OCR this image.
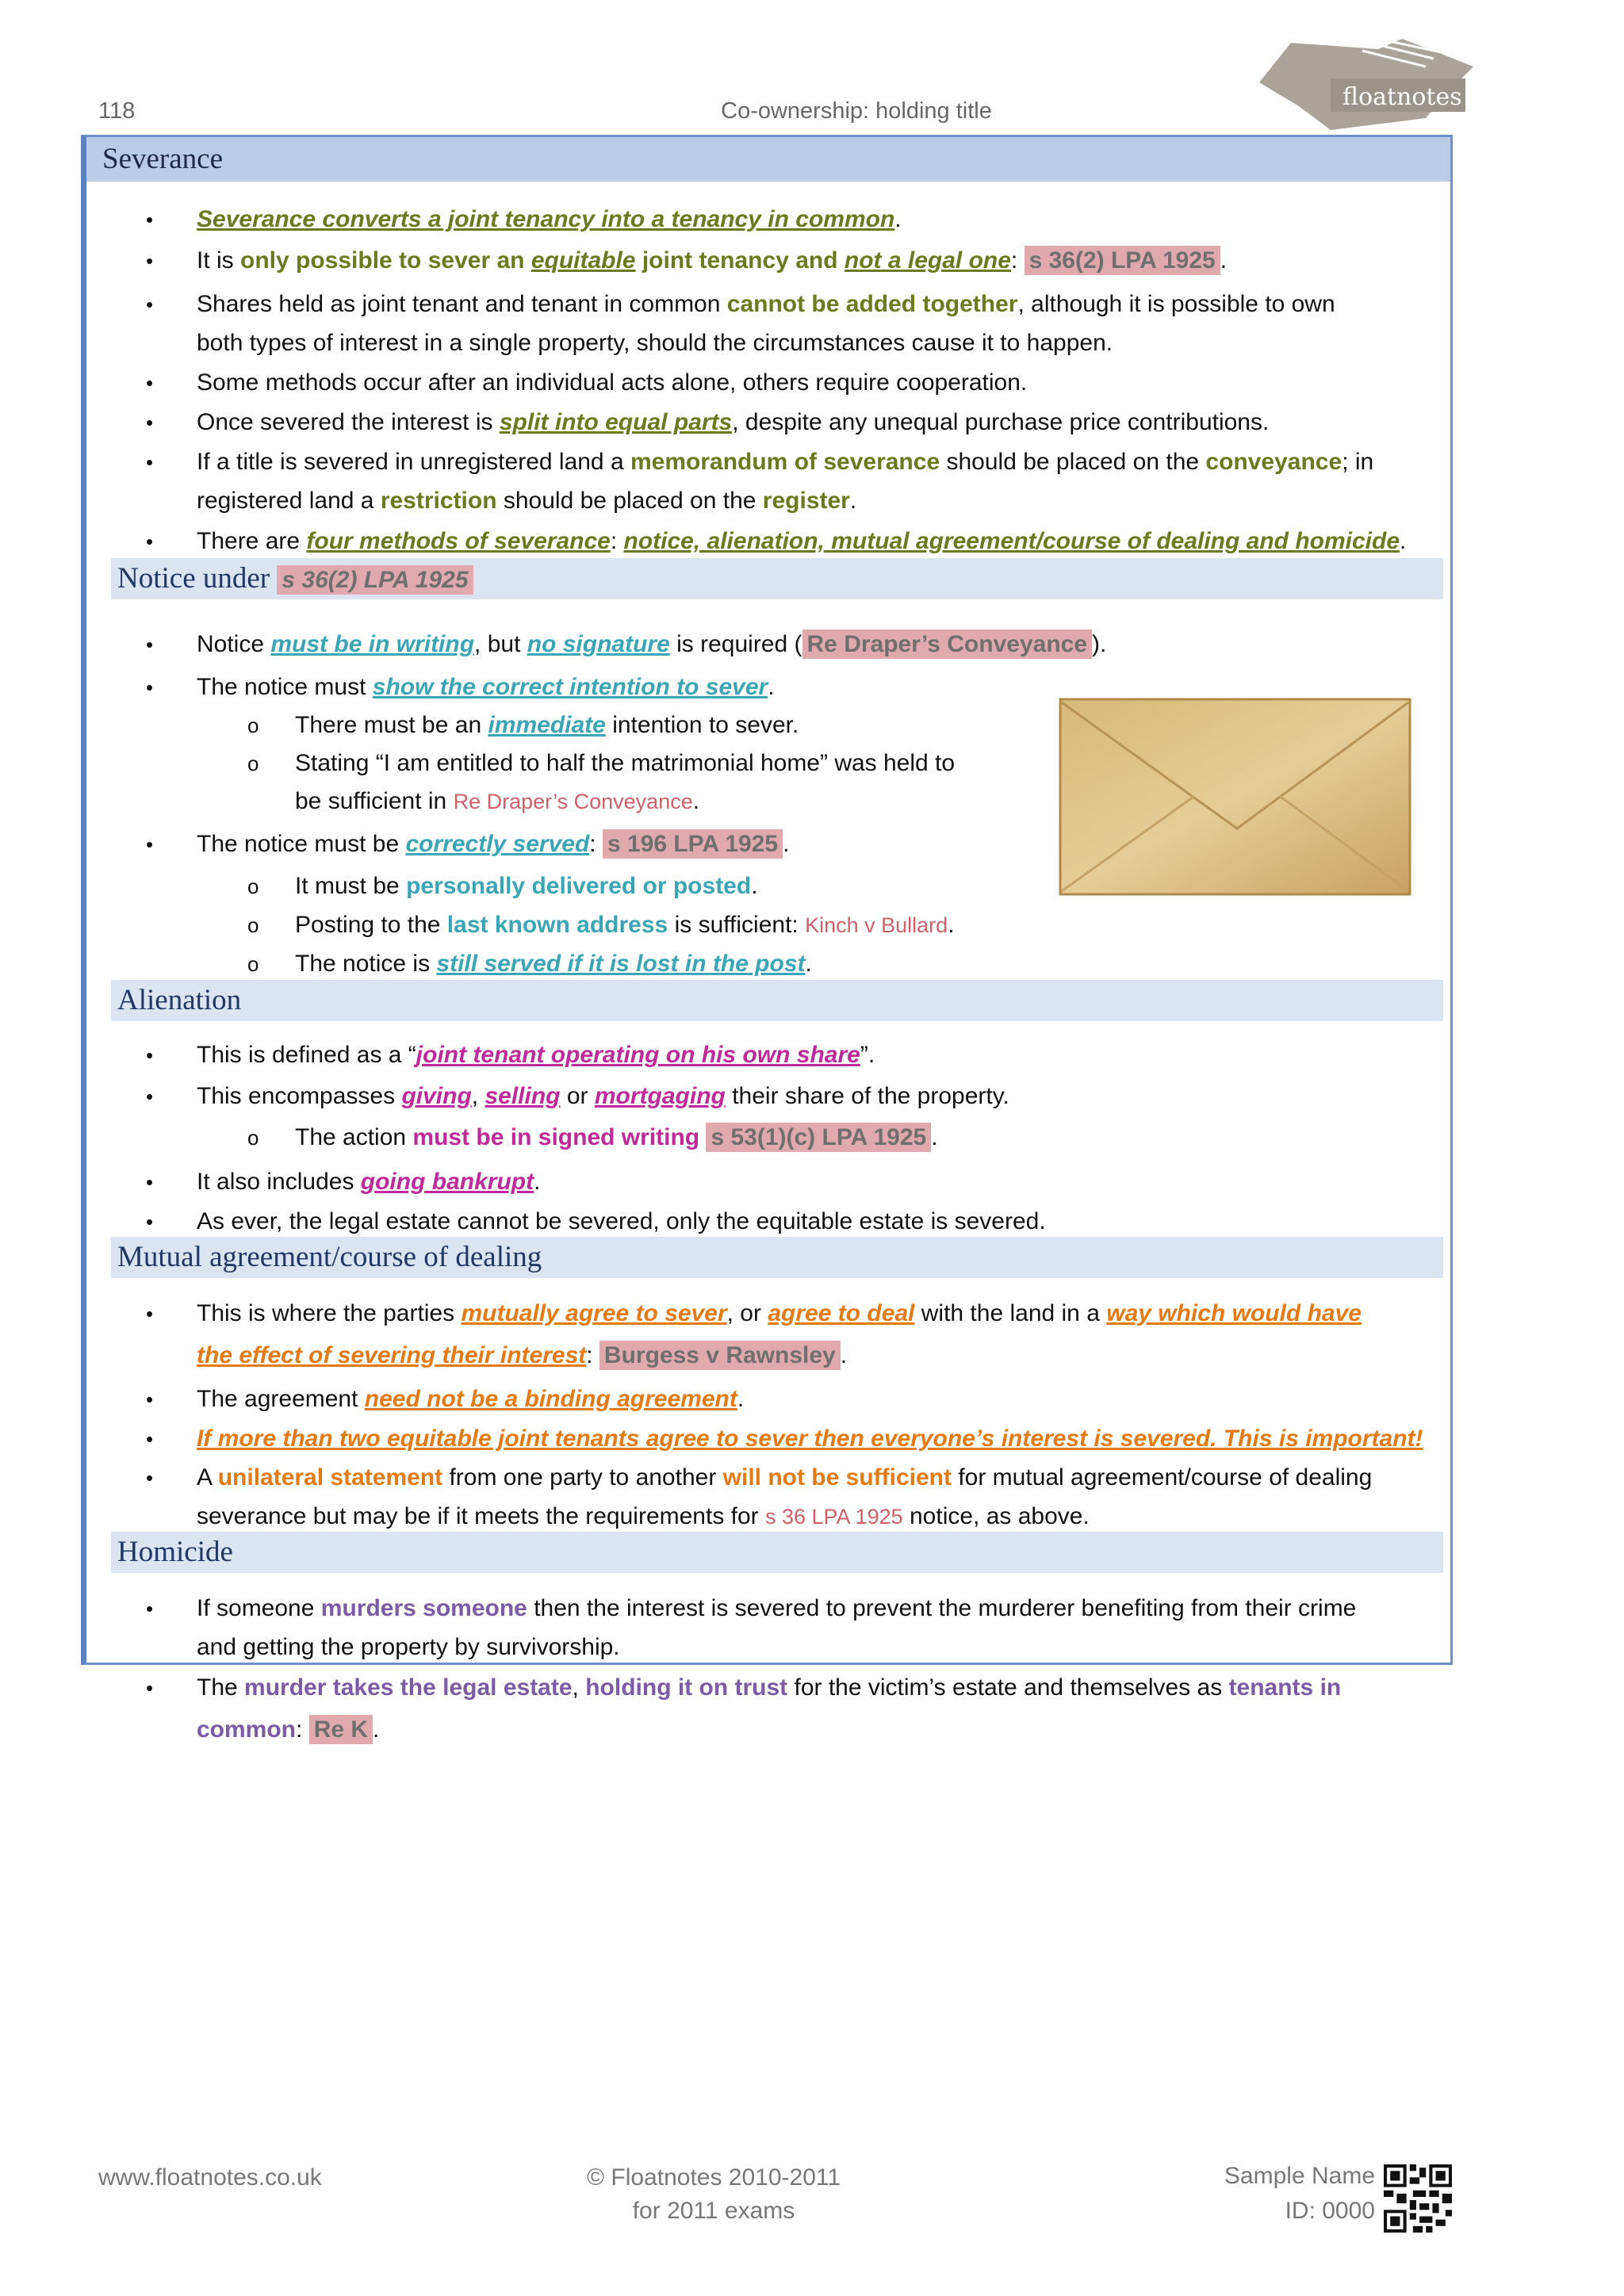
118	Co-ownership: holding title	floatnotes
Severance
Notice under s 36(2) LPA 1925
Alienation
Mutual agreement/course of dealing
Homicide
• Severance converts a joint tenancy into a tenancy in common.
• It is only possible to sever an equitable joint tenancy and not a legal one: s 36(2) LPA 1925 .
• Shares held as joint tenant and tenant in common cannot be added together, although it is possible to own
both types of interest in a single property, should the circumstances cause it to happen.
• Some methods occur after an individual acts alone, others require cooperation.
• Once severed the interest is split into equal parts, despite any unequal purchase price contributions.
• If a title is severed in unregistered land a memorandum of severance should be placed on the conveyance; in
registered land a restriction should be placed on the register.
• There are four methods of severance: notice, alienation, mutual agreement/course of dealing and homicide.
• Notice must be in writing, but no signature is required ( Re Draper’s Conveyance ).
• The notice must show the correct intention to sever.
o There must be an immediate intention to sever.
o Stating “I am entitled to half the matrimonial home” was held to
be sufficient in Re Draper’s Conveyance.
• The notice must be correctly served: s 196 LPA 1925 .
o It must be personally delivered or posted.
o Posting to the last known address is sufficient: Kinch v Bullard.
o The notice is still served if it is lost in the post.
• This is defined as a “joint tenant operating on his own share”.
• This encompasses giving, selling or mortgaging their share of the property.
o The action must be in signed writing s 53(1)(c) LPA 1925 .
• It also includes going bankrupt.
• As ever, the legal estate cannot be severed, only the equitable estate is severed.
• This is where the parties mutually agree to sever, or agree to deal with the land in a way which would have
the effect of severing their interest: Burgess v Rawnsley .
• The agreement need not be a binding agreement.
• If more than two equitable joint tenants agree to sever then everyone’s interest is severed. This is important!
• A unilateral statement from one party to another will not be sufficient for mutual agreement/course of dealing
severance but may be if it meets the requirements for s 36 LPA 1925 notice, as above.
• If someone murders someone then the interest is severed to prevent the murderer benefiting from their crime
and getting the property by survivorship.
• The murder takes the legal estate, holding it on trust for the victim’s estate and themselves as tenants in
common: Re K .
www.floatnotes.co.uk	© Floatnotes 2010-2011
for 2011 exams
Sample Name
ID: 0000
